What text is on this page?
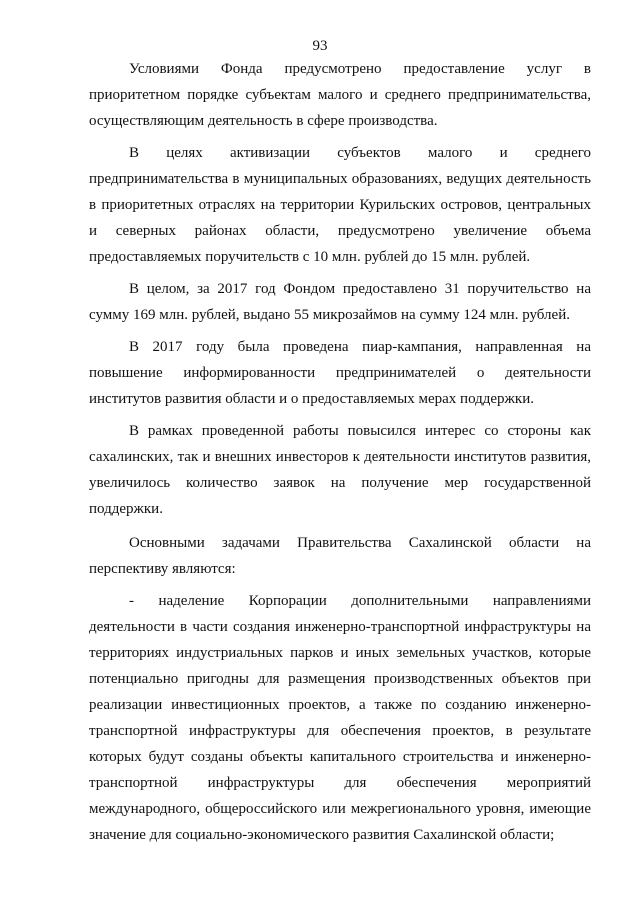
93

Условиями Фонда предусмотрено предоставление услуг в приоритетном порядке субъектам малого и среднего предпринимательства, осуществляющим деятельность в сфере производства.

В целях активизации субъектов малого и среднего предпринимательства в муниципальных образованиях, ведущих деятельность в приоритетных отраслях на территории Курильских островов, центральных и северных районах области, предусмотрено увеличение объема предоставляемых поручительств с 10 млн. рублей до 15 млн. рублей.

В целом, за 2017 год Фондом предоставлено 31 поручительство на сумму 169 млн. рублей, выдано 55 микрозаймов на сумму 124 млн. рублей.

В 2017 году была проведена пиар-кампания, направленная на повышение информированности предпринимателей о деятельности институтов развития области и о предоставляемых мерах поддержки.

В рамках проведенной работы повысился интерес со стороны как сахалинских, так и внешних инвесторов к деятельности институтов развития, увеличилось количество заявок на получение мер государственной поддержки.

Основными задачами Правительства Сахалинской области на перспективу являются:

- наделение Корпорации дополнительными направлениями деятельности в части создания инженерно-транспортной инфраструктуры на территориях индустриальных парков и иных земельных участков, которые потенциально пригодны для размещения производственных объектов при реализации инвестиционных проектов, а также по созданию инженерно-транспортной инфраструктуры для обеспечения проектов, в результате которых будут созданы объекты капитального строительства и инженерно-транспортной инфраструктуры для обеспечения мероприятий международного, общероссийского или межрегионального уровня, имеющие значение для социально-экономического развития Сахалинской области;
